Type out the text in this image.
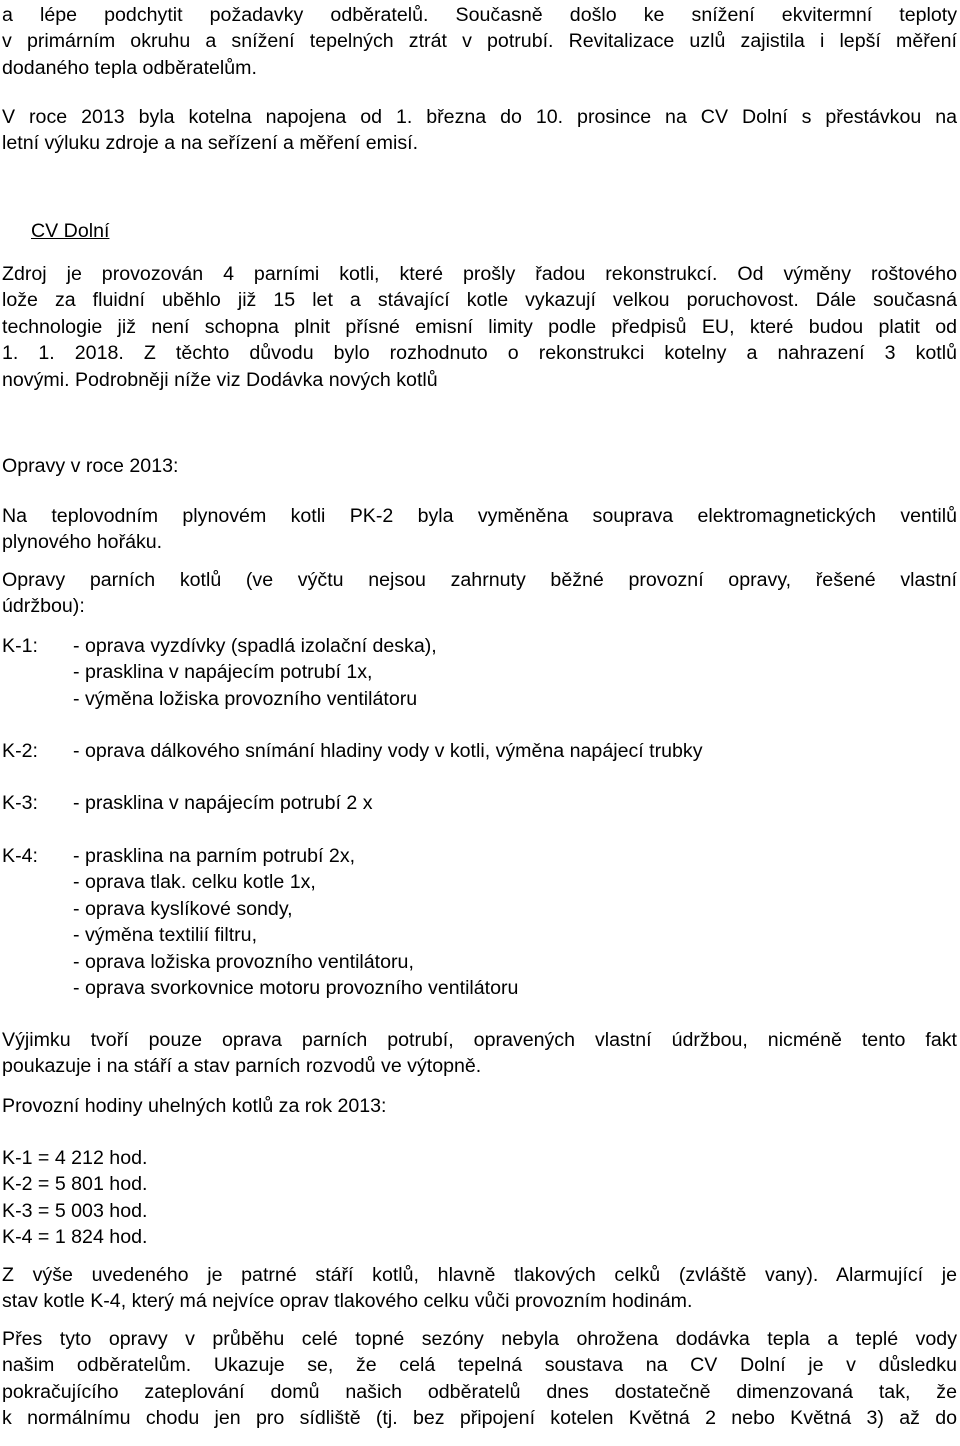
a lépe podchytit požadavky odběratelů. Současně došlo ke snížení ekvitermní teploty
v primárním okruhu a snížení tepelných ztrát v potrubí. Revitalizace uzlů zajistila i lepší měření
dodaného tepla odběratelům.
V roce 2013 byla kotelna napojena od 1. března do 10. prosince na CV Dolní s přestávkou na
letní výluku zdroje a na seřízení a měření emisí.
CV Dolní
Zdroj je provozován 4 parními kotli, které prošly řadou rekonstrukcí. Od výměny roštového
lože za fluidní uběhlo již 15 let a stávající kotle vykazují velkou poruchovost. Dále současná
technologie již není schopna plnit přísné emisní limity podle předpisů EU, které budou platit od
1. 1. 2018. Z těchto důvodu bylo rozhodnuto o rekonstrukci kotelny a nahrazení 3 kotlů
novými. Podrobněji níže viz Dodávka nových kotlů
Opravy v roce 2013:
Na teplovodním plynovém kotli PK-2 byla vyměněna souprava elektromagnetických ventilů
plynového hořáku.
Opravy parních kotlů (ve výčtu nejsou zahrnuty běžné provozní opravy, řešené vlastní
údržbou):
K-1: - oprava vyzdívky (spadlá izolační deska),
- prasklina v napájecím potrubí 1x,
- výměna ložiska provozního ventilátoru
K-2: - oprava dálkového snímání hladiny vody v kotli, výměna napájecí trubky
K-3: - prasklina v napájecím potrubí 2 x
K-4: - prasklina na parním potrubí 2x,
- oprava tlak. celku kotle 1x,
- oprava kyslíkové sondy,
- výměna textilií filtru,
- oprava ložiska provozního ventilátoru,
- oprava svorkovnice motoru provozního ventilátoru
Výjimku tvoří pouze oprava parních potrubí, opravených vlastní údržbou, nicméně tento fakt
poukazuje i na stáří a stav parních rozvodů ve výtopně.
Provozní hodiny uhelných kotlů za rok 2013:
K-1 = 4 212 hod.
K-2 = 5 801 hod.
K-3 = 5 003 hod.
K-4 = 1 824 hod.
Z výše uvedeného je patrné stáří kotlů, hlavně tlakových celků (zvláště vany). Alarmující je
stav kotle K-4, který má nejvíce oprav tlakového celku vůči provozním hodinám.
Přes tyto opravy v průběhu celé topné sezóny nebyla ohrožena dodávka tepla a teplé vody
našim odběratelům. Ukazuje se, že celá tepelná soustava na CV Dolní je v důsledku
pokračujícího zateplování domů našich odběratelů dnes dostatečně dimenzovaná tak, že
k normálnímu chodu jen pro sídliště (tj. bez připojení kotelen Květná 2 nebo Květná 3) až do
